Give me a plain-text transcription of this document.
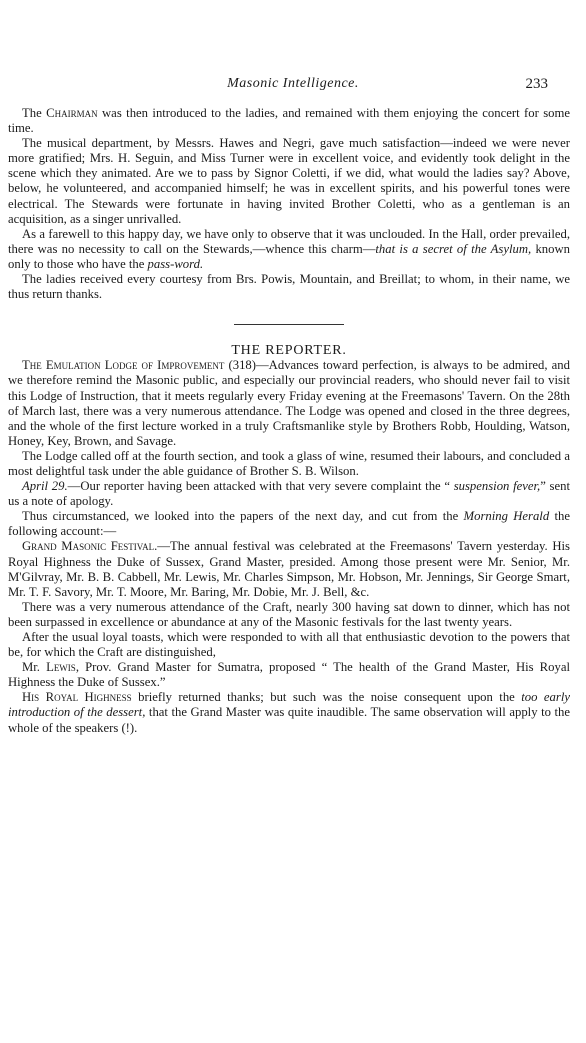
Masonic Intelligence.	233

The Chairman was then introduced to the ladies, and remained with them enjoying the concert for some time.

The musical department, by Messrs. Hawes and Negri, gave much satisfaction—indeed we were never more gratified; Mrs. H. Seguin, and Miss Turner were in excellent voice, and evidently took delight in the scene which they animated. Are we to pass by Signor Coletti, if we did, what would the ladies say? Above, below, he volunteered, and accompanied himself; he was in excellent spirits, and his powerful tones were electrical. The Stewards were fortunate in having invited Brother Coletti, who as a gentleman is an acquisition, as a singer unrivalled.

As a farewell to this happy day, we have only to observe that it was unclouded. In the Hall, order prevailed, there was no necessity to call on the Stewards,—whence this charm—that is a secret of the Asylum, known only to those who have the pass-word.

The ladies received every courtesy from Brs. Powis, Mountain, and Breillat; to whom, in their name, we thus return thanks.

THE REPORTER.

The Emulation Lodge of Improvement (318)—Advances toward perfection, is always to be admired, and we therefore remind the Masonic public, and especially our provincial readers, who should never fail to visit this Lodge of Instruction, that it meets regularly every Friday evening at the Freemasons' Tavern. On the 28th of March last, there was a very numerous attendance. The Lodge was opened and closed in the three degrees, and the whole of the first lecture worked in a truly Craftsmanlike style by Brothers Robb, Houlding, Watson, Honey, Key, Brown, and Savage.

The Lodge called off at the fourth section, and took a glass of wine, resumed their labours, and concluded a most delightful task under the able guidance of Brother S. B. Wilson.

April 29.—Our reporter having been attacked with that very severe complaint the “ suspension fever,” sent us a note of apology.

Thus circumstanced, we looked into the papers of the next day, and cut from the Morning Herald the following account:—

Grand Masonic Festival.—The annual festival was celebrated at the Freemasons' Tavern yesterday. His Royal Highness the Duke of Sussex, Grand Master, presided. Among those present were Mr. Senior, Mr. M'Gilvray, Mr. B. B. Cabbell, Mr. Lewis, Mr. Charles Simpson, Mr. Hobson, Mr. Jennings, Sir George Smart, Mr. T. F. Savory, Mr. T. Moore, Mr. Baring, Mr. Dobie, Mr. J. Bell, &c.

There was a very numerous attendance of the Craft, nearly 300 having sat down to dinner, which has not been surpassed in excellence or abundance at any of the Masonic festivals for the last twenty years.

After the usual loyal toasts, which were responded to with all that enthusiastic devotion to the powers that be, for which the Craft are distinguished,

Mr. Lewis, Prov. Grand Master for Sumatra, proposed “ The health of the Grand Master, His Royal Highness the Duke of Sussex.”

His Royal Highness briefly returned thanks; but such was the noise consequent upon the too early introduction of the dessert, that the Grand Master was quite inaudible. The same observation will apply to the whole of the speakers (!).
